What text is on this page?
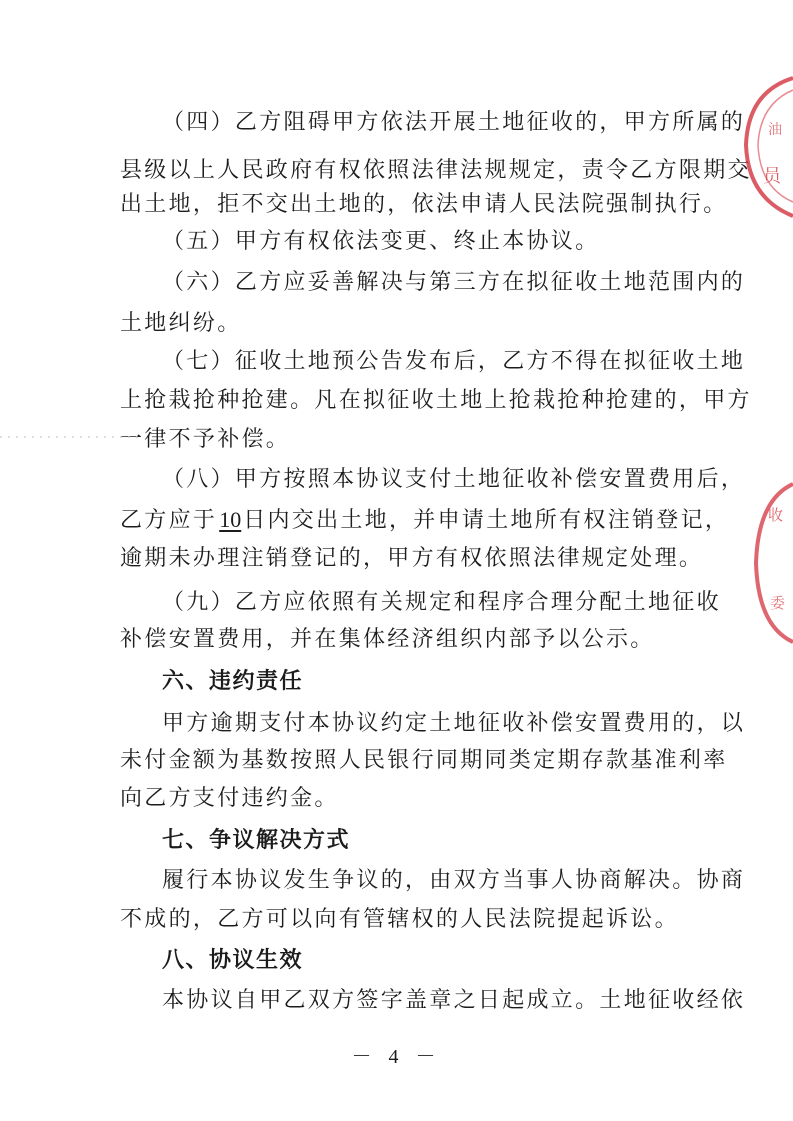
（四）乙方阻碍甲方依法开展土地征收的，甲方所属的
县级以上人民政府有权依照法律法规规定，责令乙方限期交
出土地，拒不交出土地的，依法申请人民法院强制执行。
（五）甲方有权依法变更、终止本协议。
（六）乙方应妥善解决与第三方在拟征收土地范围内的
土地纠纷。
（七）征收土地预公告发布后，乙方不得在拟征收土地
上抢栽抢种抢建。凡在拟征收土地上抢栽抢种抢建的，甲方
一律不予补偿。
（八）甲方按照本协议支付土地征收补偿安置费用后，
乙方应于10日内交出土地，并申请土地所有权注销登记，
逾期未办理注销登记的，甲方有权依照法律规定处理。
（九）乙方应依照有关规定和程序合理分配土地征收
补偿安置费用，并在集体经济组织内部予以公示。
六、违约责任
甲方逾期支付本协议约定土地征收补偿安置费用的，以
未付金额为基数按照人民银行同期同类定期存款基准利率
向乙方支付违约金。
七、争议解决方式
履行本协议发生争议的，由双方当事人协商解决。协商
不成的，乙方可以向有管辖权的人民法院提起诉讼。
八、协议生效
本协议自甲乙双方签字盖章之日起成立。土地征收经依
－ 4 －
员
油
收
委
